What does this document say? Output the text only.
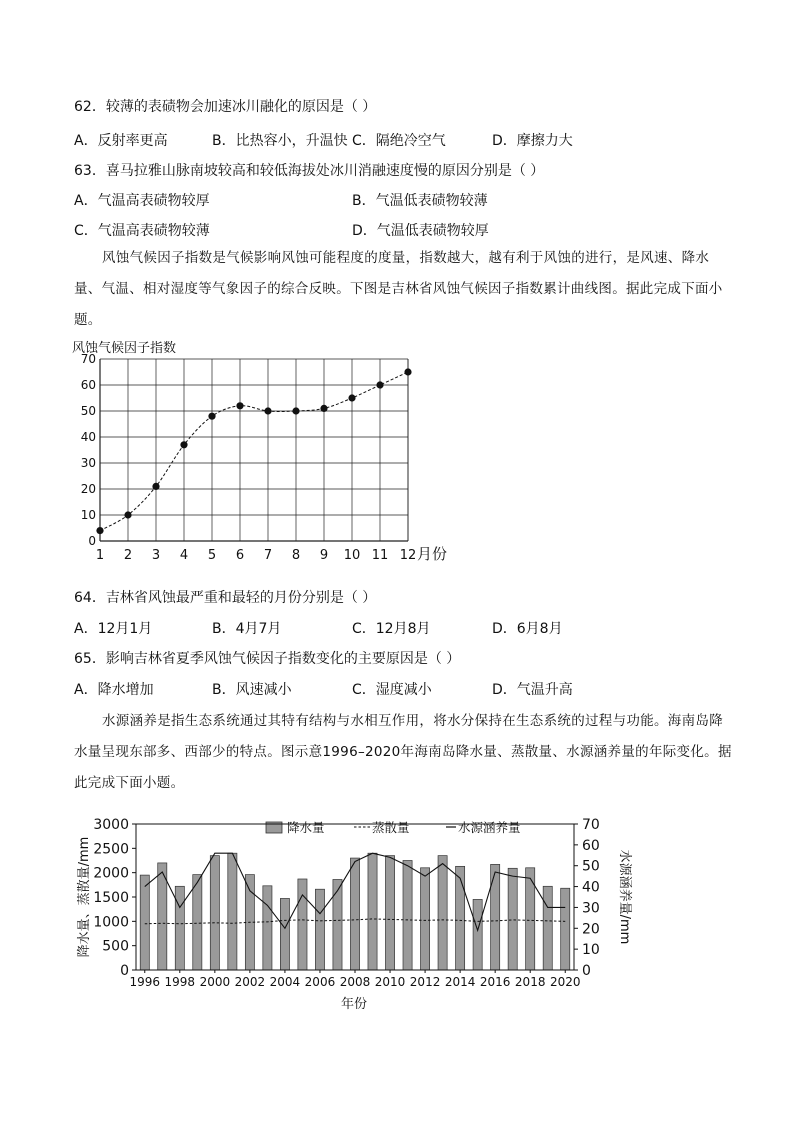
62．较薄的表碛物会加速冰川融化的原因是（ ）
A．反射率更高	B．比热容小，升温快 C．隔绝冷空气	D．摩擦力大
63．喜马拉雅山脉南坡较高和较低海拔处冰川消融速度慢的原因分别是（ ）
A．气温高表碛物较厚	B．气温低表碛物较薄
C．气温高表碛物较薄	D．气温低表碛物较厚
风蚀气候因子指数是气候影响风蚀可能程度的度量，指数越大，越有利于风蚀的进行，是风速、降水量、气温、相对湿度等气象因子的综合反映。下图是吉林省风蚀气候因子指数累计曲线图。据此完成下面小题。
风蚀气候因子指数
0
10
20
30
40
50
60
70
1 2 3 4 5 6 7 8 9 10 11 12 月份
64．吉林省风蚀最严重和最轻的月份分别是（ ）
A．12月1月	B．4月7月	C．12月8月	D．6月8月
65．影响吉林省夏季风蚀气候因子指数变化的主要原因是（ ）
A．降水增加	B．风速减小	C．湿度减小	D．气温升高
水源涵养是指生态系统通过其特有结构与水相互作用，将水分保持在生态系统的过程与功能。海南岛降水量呈现东部多、西部少的特点。图示意1996–2020年海南岛降水量、蒸散量、水源涵养量的年际变化。据此完成下面小题。
降水量	蒸散量	水源涵养量
0
500
1000
1500
2000
2500
3000
0
10
20
30
40
50
60
70
1996 1998 2000 2002 2004 2006 2008 2010 2012 2014 2016 2018 2020
降水量、蒸散量/mm	水源涵养量/mm
年份
